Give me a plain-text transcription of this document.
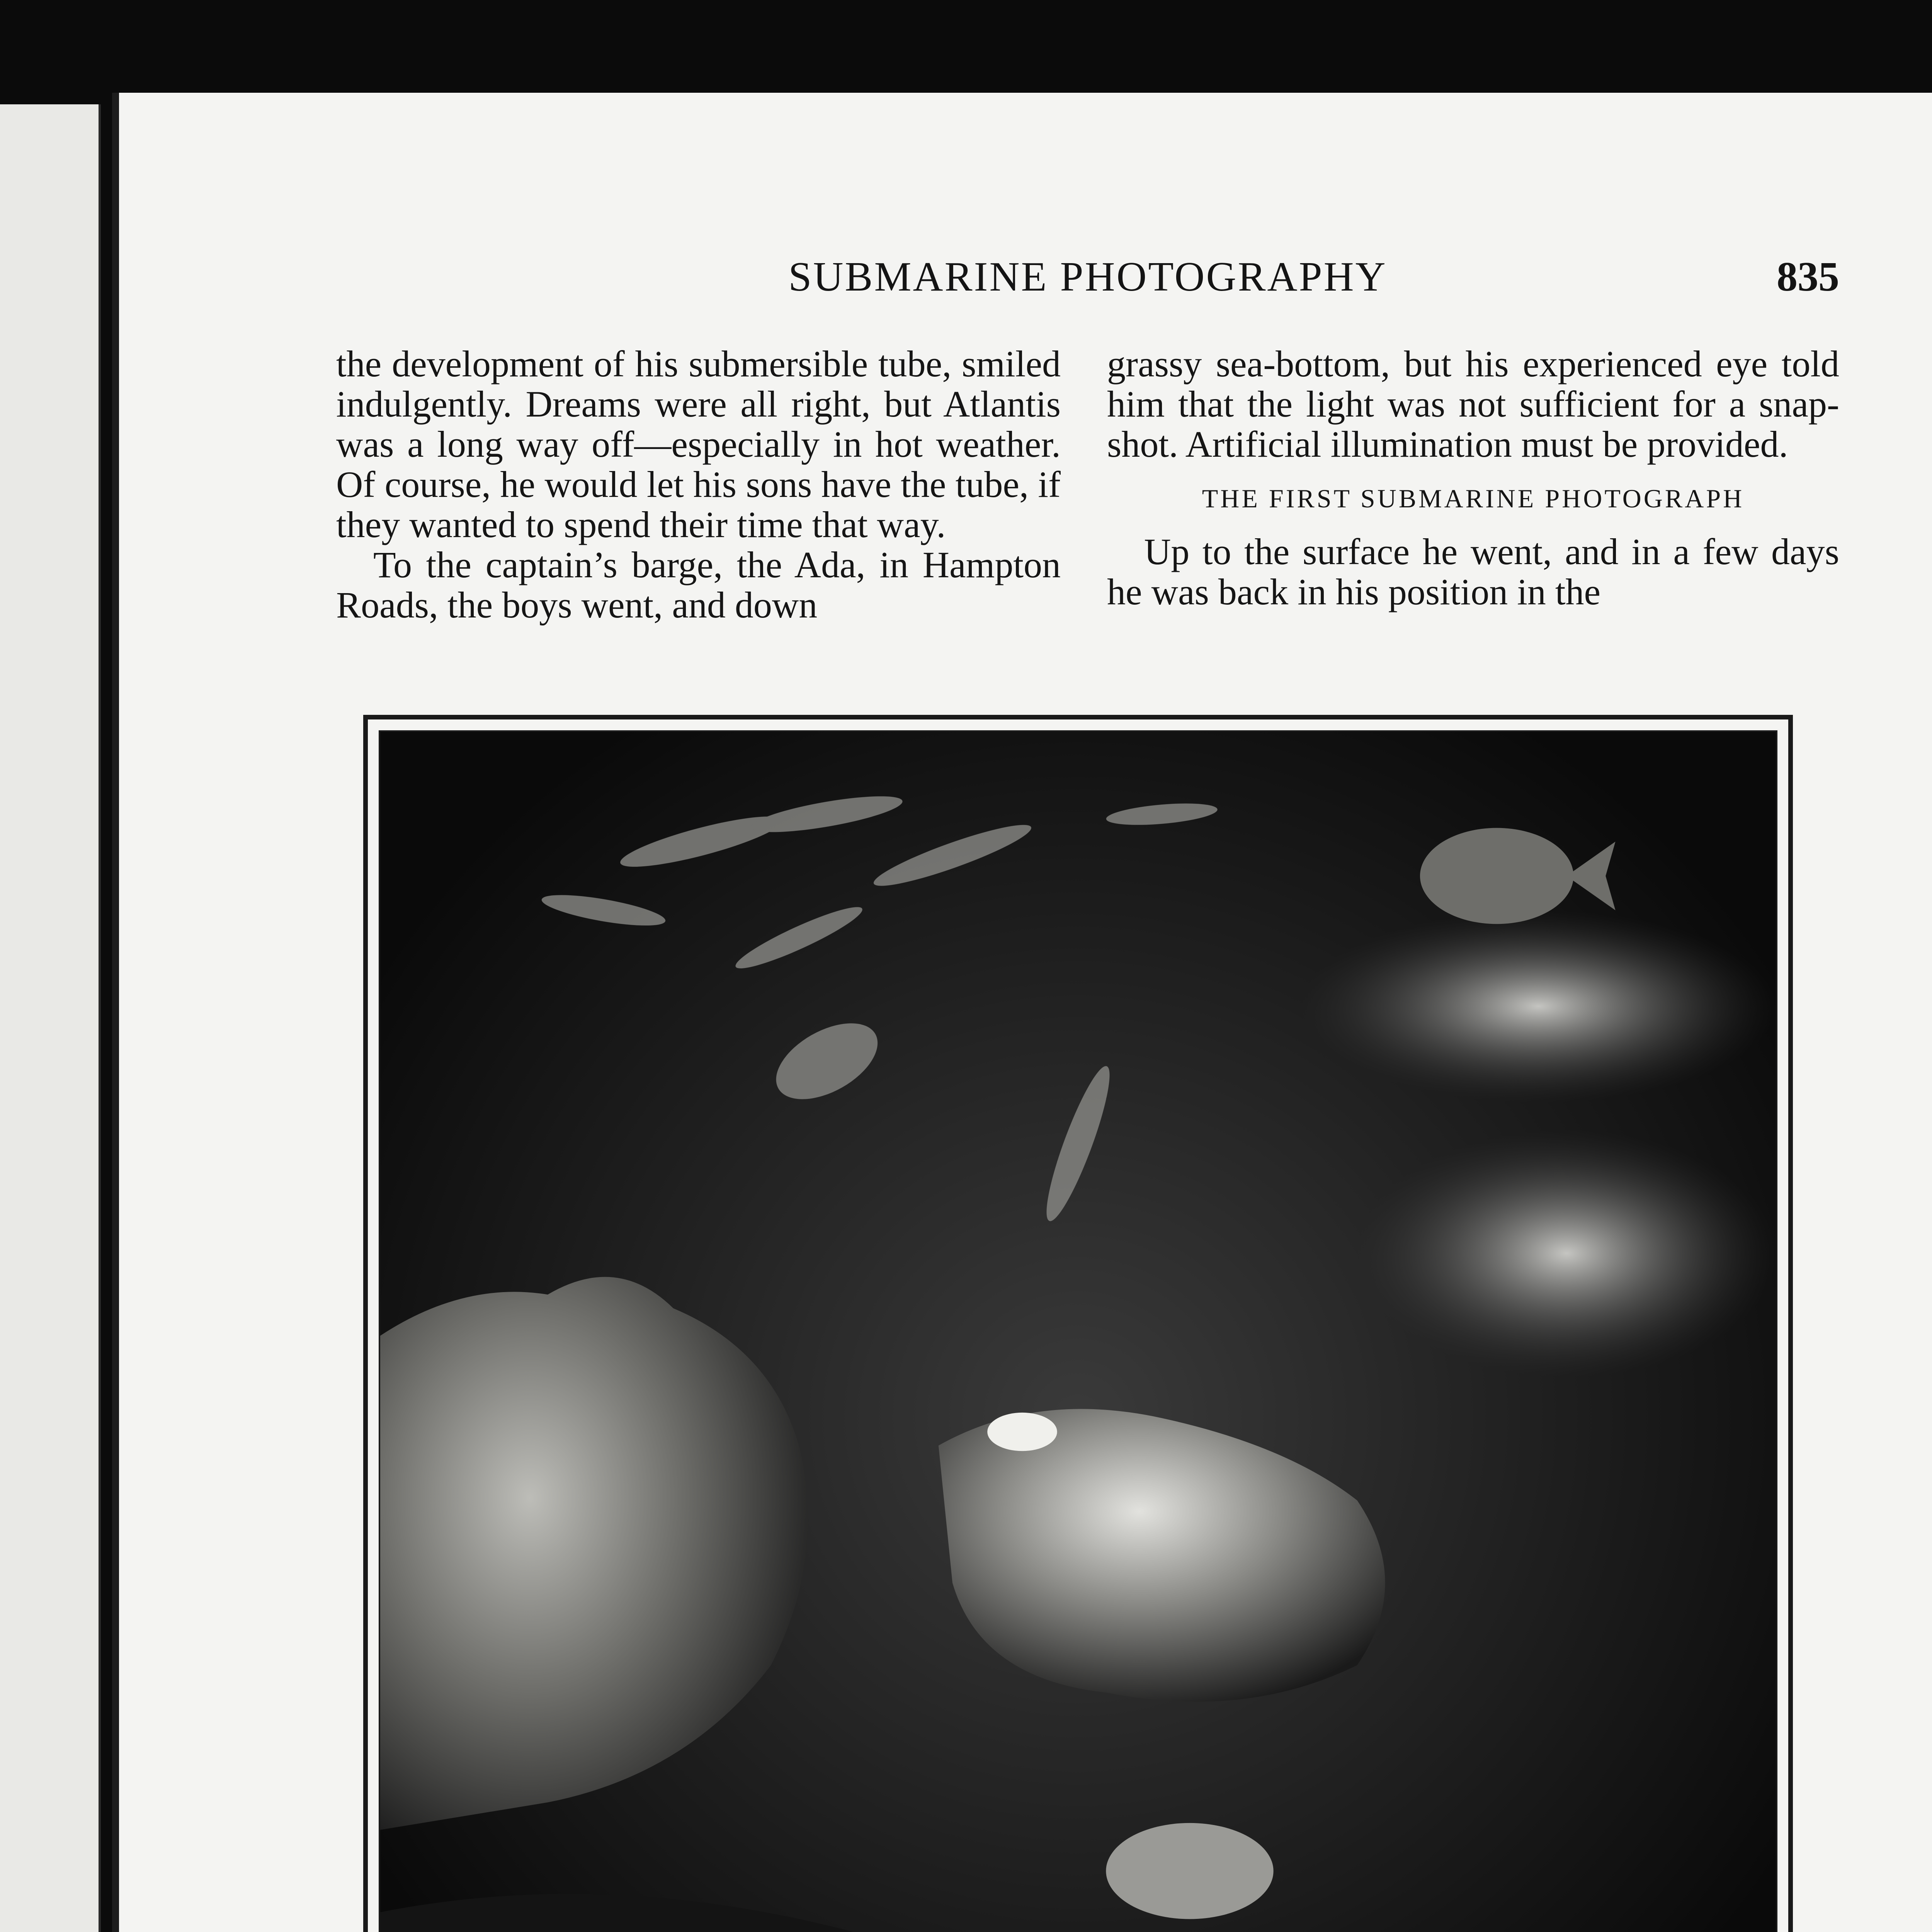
SUBMARINE PHOTOGRAPHY	835

the development of his submersible tube, smiled indulgently. Dreams were all right, but Atlantis was a long way off—especially in hot weather. Of course, he would let his sons have the tube, if they wanted to spend their time that way.

To the captain’s barge, the Ada, in Hampton Roads, the boys went, and down

grassy sea-bottom, but his experienced eye told him that the light was not sufficient for a snap-shot. Artificial illumination must be provided.

THE FIRST SUBMARINE PHOTOGRAPH

Up to the surface he went, and in a few days he was back in his position in the
